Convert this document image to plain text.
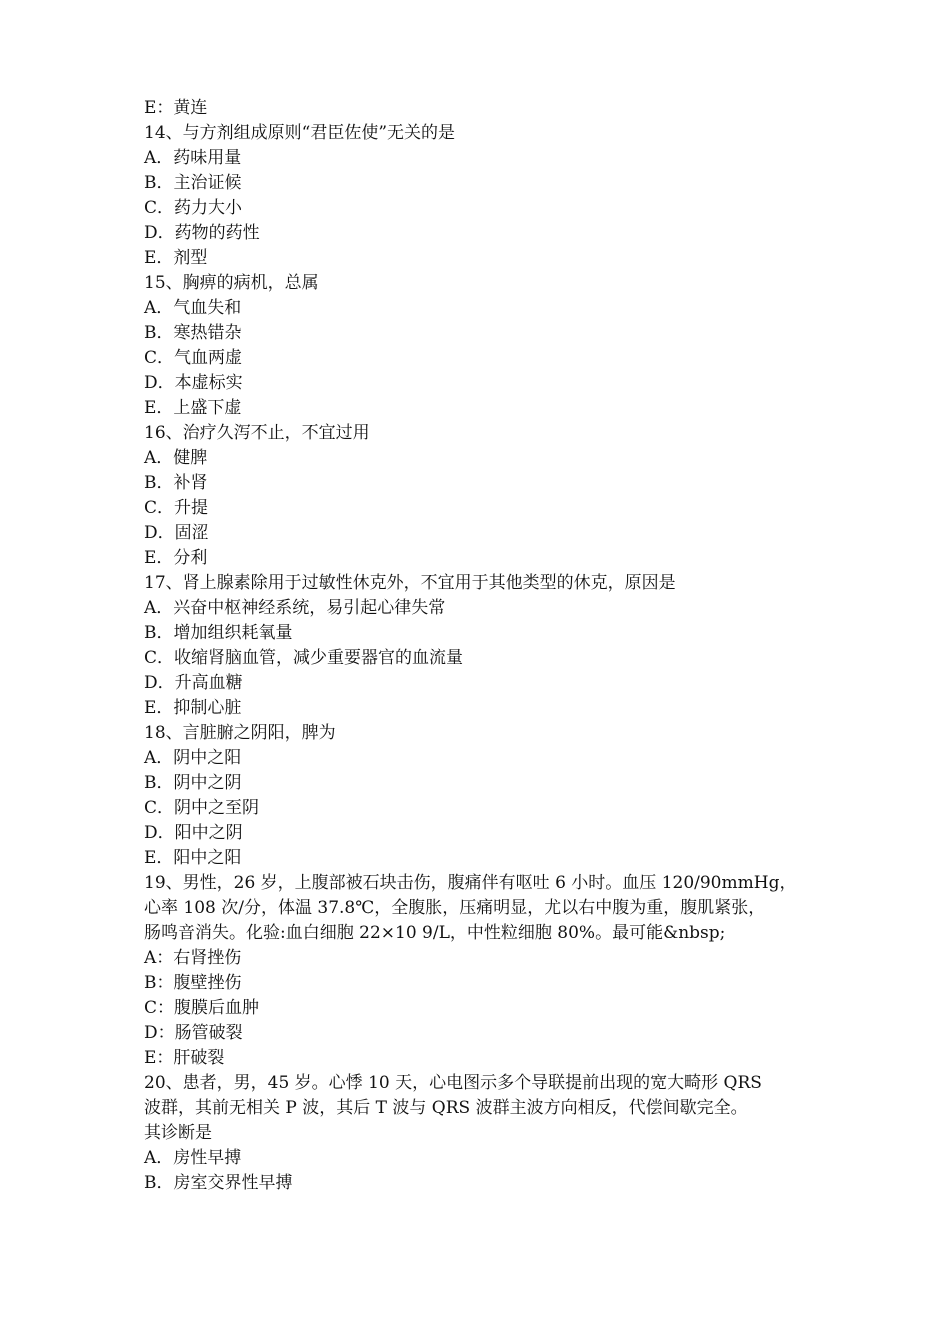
E：黄连
14、与方剂组成原则“君臣佐使”无关的是
A．药味用量
B．主治证候
C．药力大小
D．药物的药性
E．剂型
15、胸痹的病机，总属
A．气血失和
B．寒热错杂
C．气血两虚
D．本虚标实
E．上盛下虚
16、治疗久泻不止，不宜过用
A．健脾
B．补肾
C．升提
D．固涩
E．分利
17、肾上腺素除用于过敏性休克外，不宜用于其他类型的休克，原因是
A．兴奋中枢神经系统，易引起心律失常
B．增加组织耗氧量
C．收缩肾脑血管，减少重要器官的血流量
D．升高血糖
E．抑制心脏
18、言脏腑之阴阳，脾为
A．阴中之阳
B．阴中之阴
C．阴中之至阴
D．阳中之阴
E．阳中之阳
19、男性，26 岁，上腹部被石块击伤，腹痛伴有呕吐 6 小时。血压 120/90mmHg，
心率 108 次/分，体温 37.8℃，全腹胀，压痛明显，尤以右中腹为重，腹肌紧张，
肠鸣音消失。化验:血白细胞 22×10 9/L，中性粒细胞 80%。最可能&nbsp;
A：右肾挫伤
B：腹壁挫伤
C：腹膜后血肿
D：肠管破裂
E：肝破裂
20、患者，男，45 岁。心悸 10 天，心电图示多个导联提前出现的宽大畸形 QRS
波群，其前无相关 P 波，其后 T 波与 QRS 波群主波方向相反，代偿间歇完全。
其诊断是
A．房性早搏
B．房室交界性早搏
